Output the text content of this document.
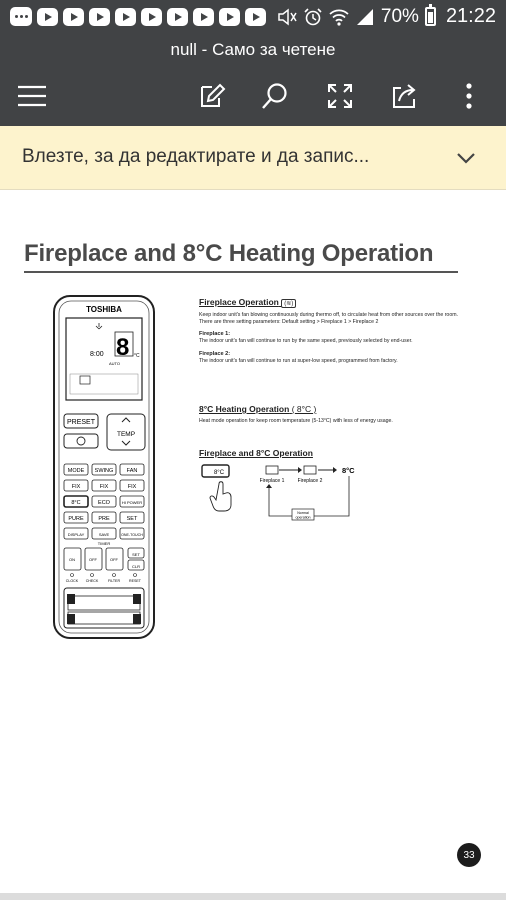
70% 21:22
null - Само за четене
Влезте, за да редактирате и да запис...
Fireplace and 8°C Heating Operation
TOSHIBA
8:00 8 °C
AUTO
PRESET
TEMP
MODE SWING FAN
FIX	FIX	FIX
8°C	ECO	HI POWER
PURE	PRE	SET
DISPLAY	SAVE	ONE-TOUCH
TIMER
ON	OFF	OFF
SET
CLR
CLOCK CHECK	FILTER RESET
Fireplace Operation (≋)

Keep indoor unit's fan blowing continuously during thermo off, to circulate heat from other sources over the room.

There are three setting parameters: Default setting > Fireplace 1 > Fireplace 2

Fireplace 1:

The indoor unit's fan will continue to run by the same speed, previously selected by end-user.

Fireplace 2:

The indoor unit's fan will continue to run at super-low speed, programmed from factory.

8°C Heating Operation ( 8°C )

Heat mode operation for keep room temperature (5-13°C) with less of energy usage.

Fireplace and 8°C Operation
8°C	8°C
Fireplace 1	Fireplace 2
Normal
operation
33
